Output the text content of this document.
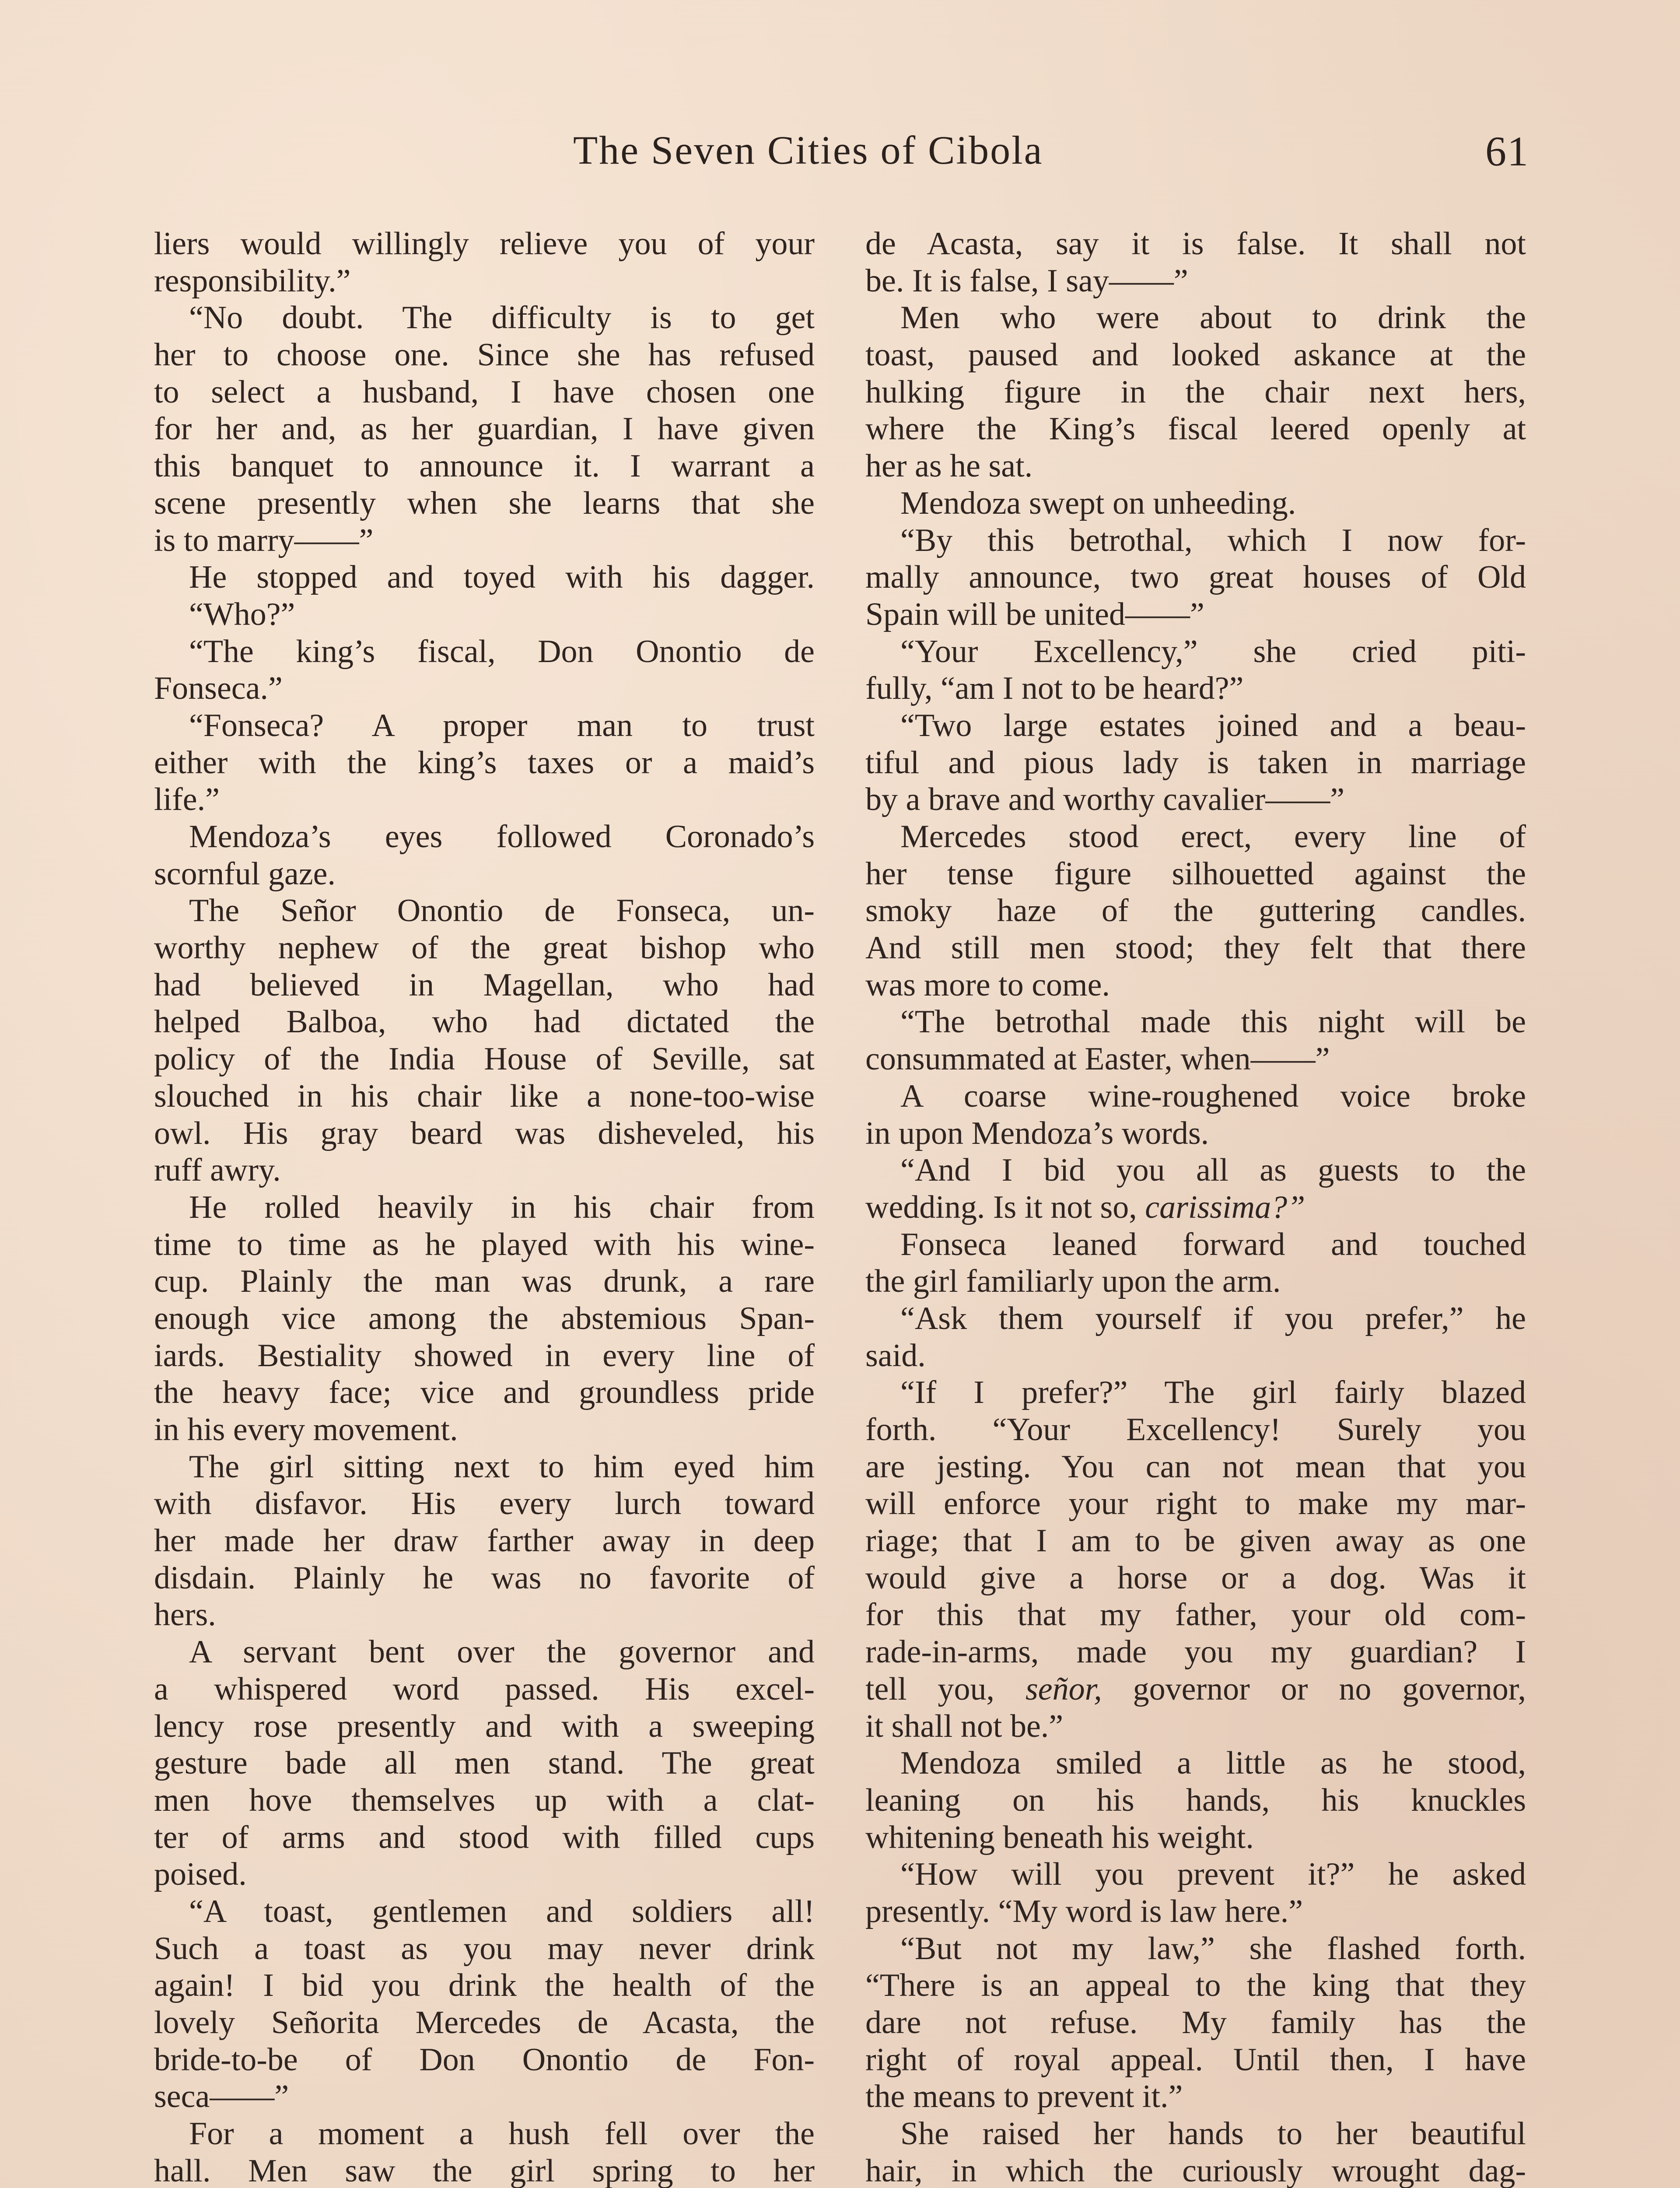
The Seven Cities of Cibola	61
liers would willingly relieve you of your
responsibility.”
“No doubt. The difficulty is to get
her to choose one. Since she has refused
to select a husband, I have chosen one
for her and, as her guardian, I have given
this banquet to announce it. I warrant a
scene presently when she learns that she
is to marry——”
He stopped and toyed with his dagger.
“Who?”
“The king’s fiscal, Don Onontio de
Fonseca.”
“Fonseca? A proper man to trust
either with the king’s taxes or a maid’s
life.”
Mendoza’s eyes followed Coronado’s
scornful gaze.
The Señor Onontio de Fonseca, un-
worthy nephew of the great bishop who
had believed in Magellan, who had
helped Balboa, who had dictated the
policy of the India House of Seville, sat
slouched in his chair like a none-too-wise
owl. His gray beard was disheveled, his
ruff awry.
He rolled heavily in his chair from
time to time as he played with his wine-
cup. Plainly the man was drunk, a rare
enough vice among the abstemious Span-
iards. Bestiality showed in every line of
the heavy face; vice and groundless pride
in his every movement.
The girl sitting next to him eyed him
with disfavor. His every lurch toward
her made her draw farther away in deep
disdain. Plainly he was no favorite of
hers.
A servant bent over the governor and
a whispered word passed. His excel-
lency rose presently and with a sweeping
gesture bade all men stand. The great
men hove themselves up with a clat-
ter of arms and stood with filled cups
poised.
“A toast, gentlemen and soldiers all!
Such a toast as you may never drink
again! I bid you drink the health of the
lovely Señorita Mercedes de Acasta, the
bride-to-be of Don Onontio de Fon-
seca——”
For a moment a hush fell over the
hall. Men saw the girl spring to her
de Acasta, say it is false. It shall not
be. It is false, I say——”
Men who were about to drink the
toast, paused and looked askance at the
hulking figure in the chair next hers,
where the King’s fiscal leered openly at
her as he sat.
Mendoza swept on unheeding.
“By this betrothal, which I now for-
mally announce, two great houses of Old
Spain will be united——”
“Your Excellency,” she cried piti-
fully, “am I not to be heard?”
“Two large estates joined and a beau-
tiful and pious lady is taken in marriage
by a brave and worthy cavalier——”
Mercedes stood erect, every line of
her tense figure silhouetted against the
smoky haze of the guttering candles.
And still men stood; they felt that there
was more to come.
“The betrothal made this night will be
consummated at Easter, when——”
A coarse wine-roughened voice broke
in upon Mendoza’s words.
“And I bid you all as guests to the
wedding. Is it not so, carissima?”
Fonseca leaned forward and touched
the girl familiarly upon the arm.
“Ask them yourself if you prefer,” he
said.
“If I prefer?” The girl fairly blazed
forth. “Your Excellency! Surely you
are jesting. You can not mean that you
will enforce your right to make my mar-
riage; that I am to be given away as one
would give a horse or a dog. Was it
for this that my father, your old com-
rade-in-arms, made you my guardian? I
tell you, señor, governor or no governor,
it shall not be.”
Mendoza smiled a little as he stood,
leaning on his hands, his knuckles
whitening beneath his weight.
“How will you prevent it?” he asked
presently. “My word is law here.”
“But not my law,” she flashed forth.
“There is an appeal to the king that they
dare not refuse. My family has the
right of royal appeal. Until then, I have
the means to prevent it.”
She raised her hands to her beautiful
hair, in which the curiously wrought dag-
